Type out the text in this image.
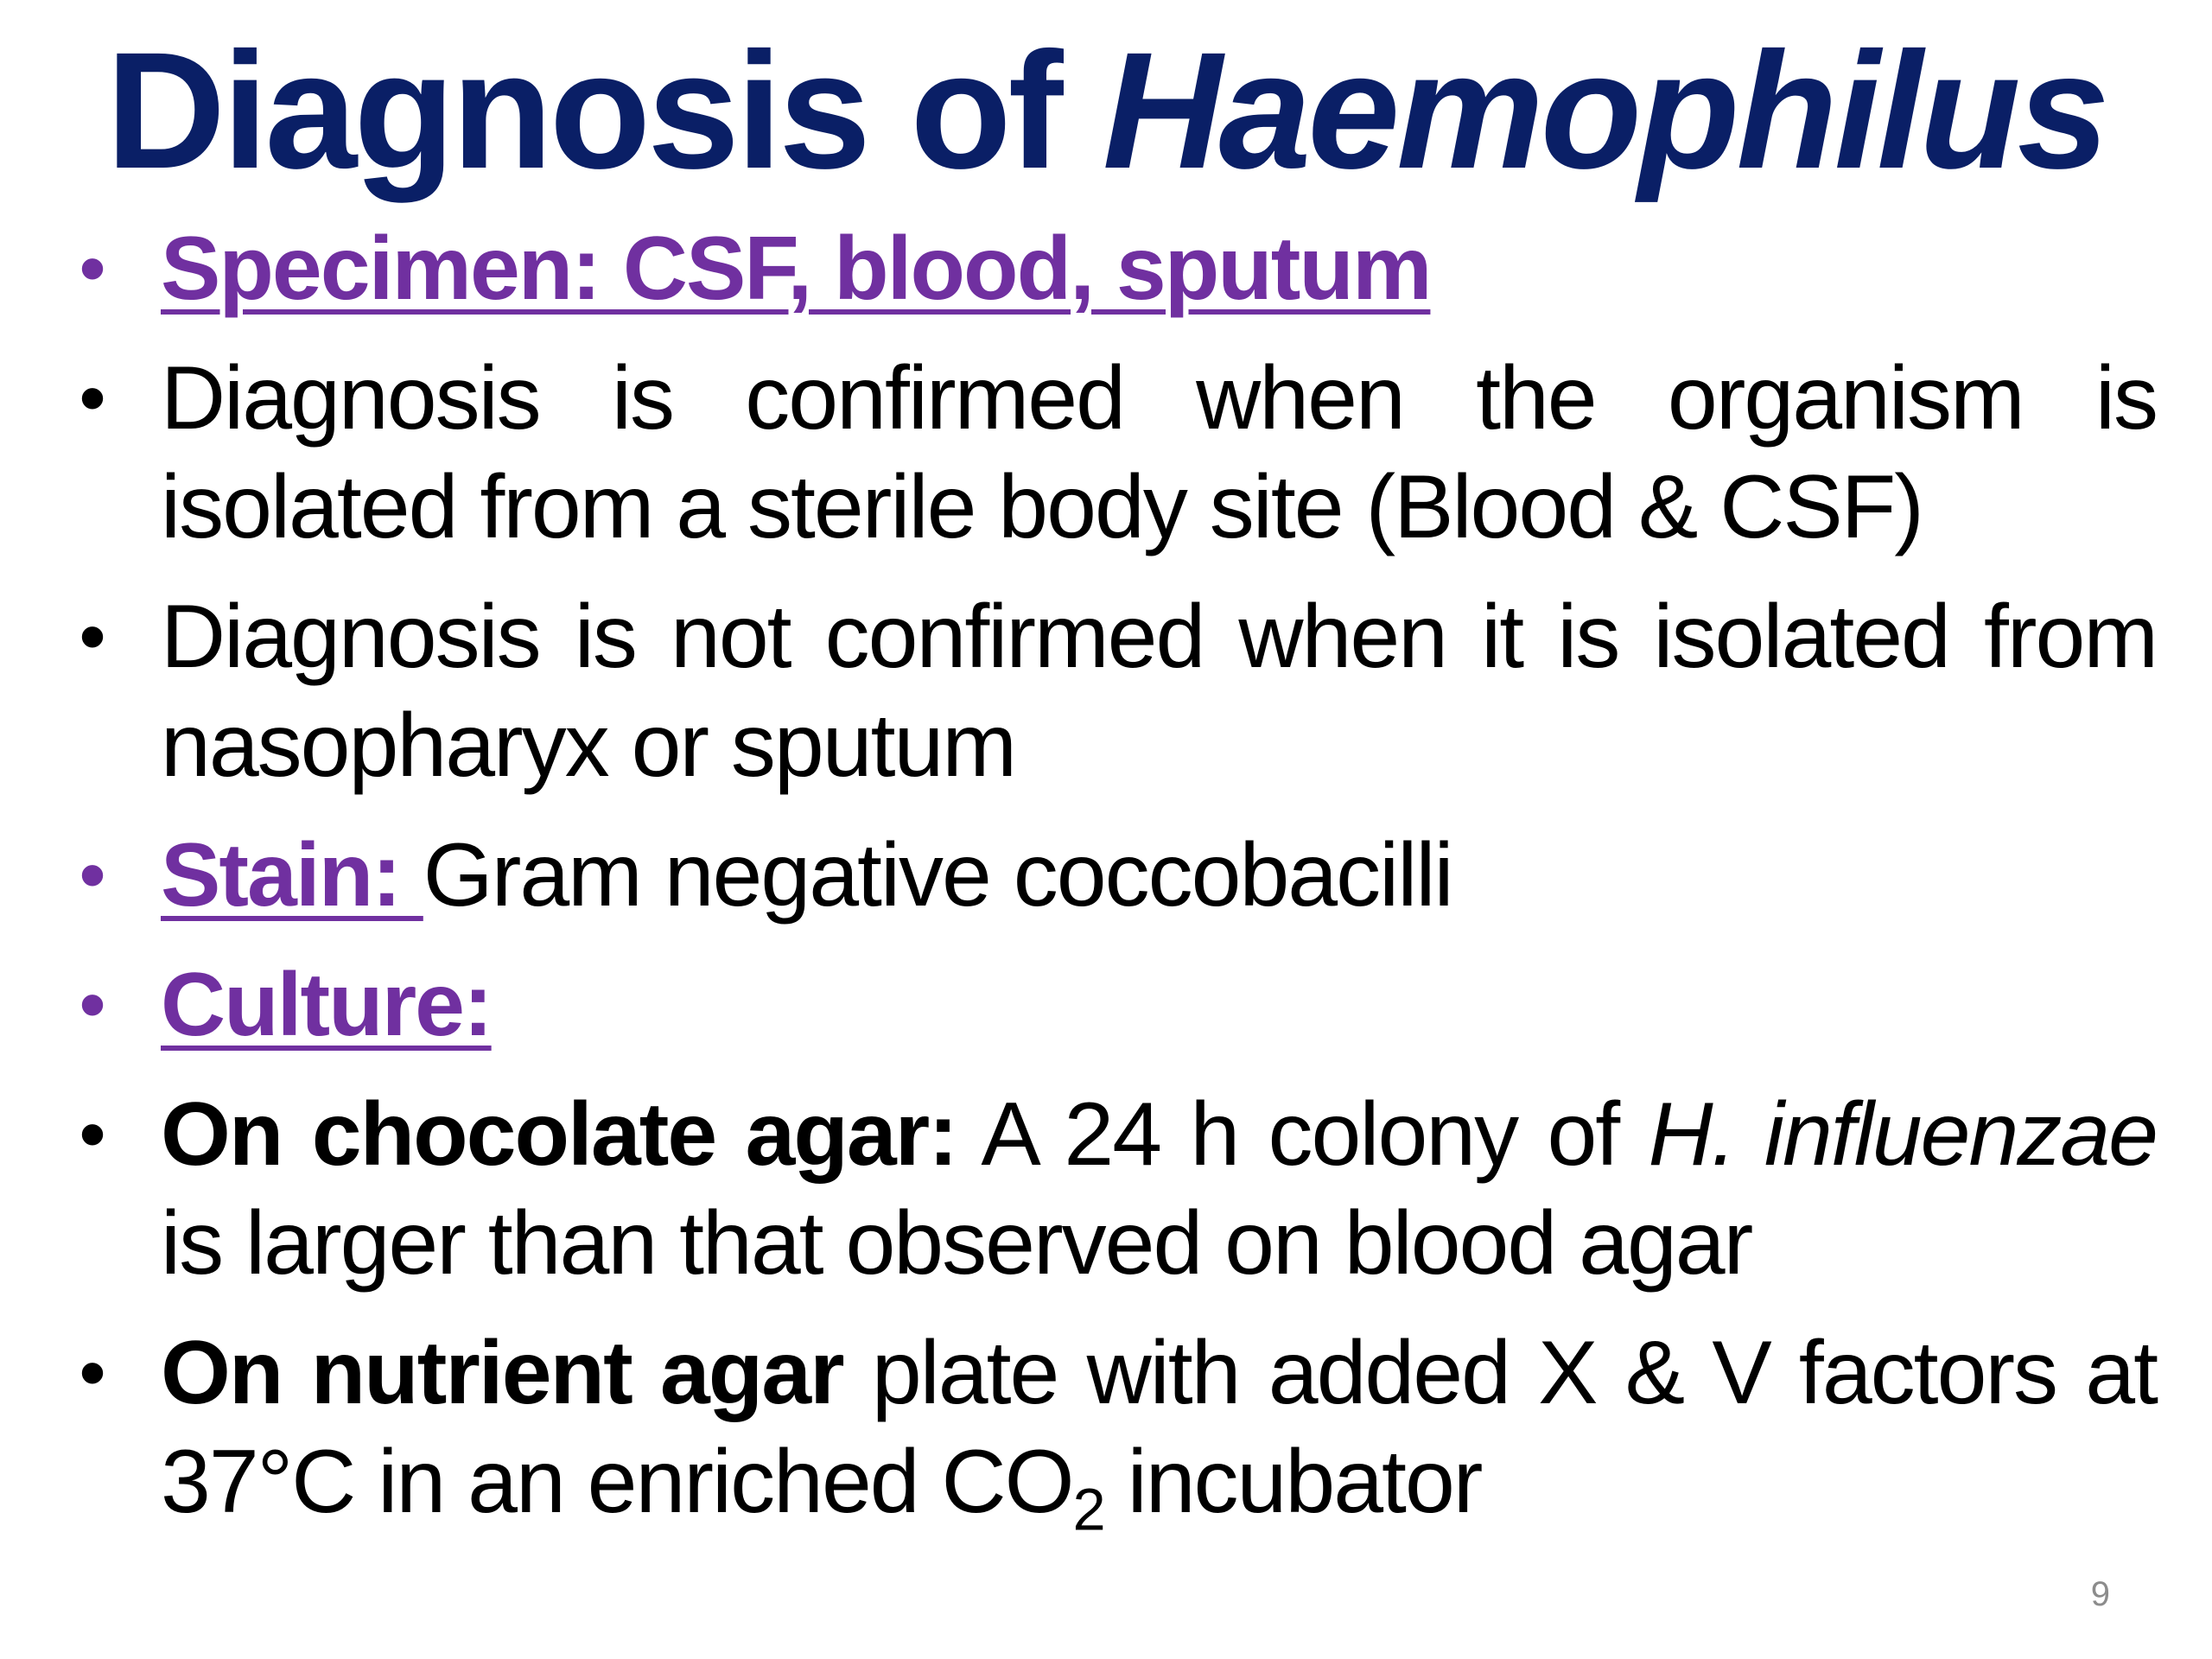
Diagnosis of Haemophilus
• Specimen: CSF, blood, sputum
• Diagnosis is confirmed when the organism is isolated from a sterile body site (Blood & CSF)
• Diagnosis is not confirmed when it is isolated from nasopharyx or sputum
• Stain: Gram negative coccobacilli
• Culture:
• On chocolate agar: A 24 h colony of H. influenzae is larger than that observed on blood agar
• On nutrient agar plate with added X & V factors at 37°C in an enriched $CO_2$ incubator
9
